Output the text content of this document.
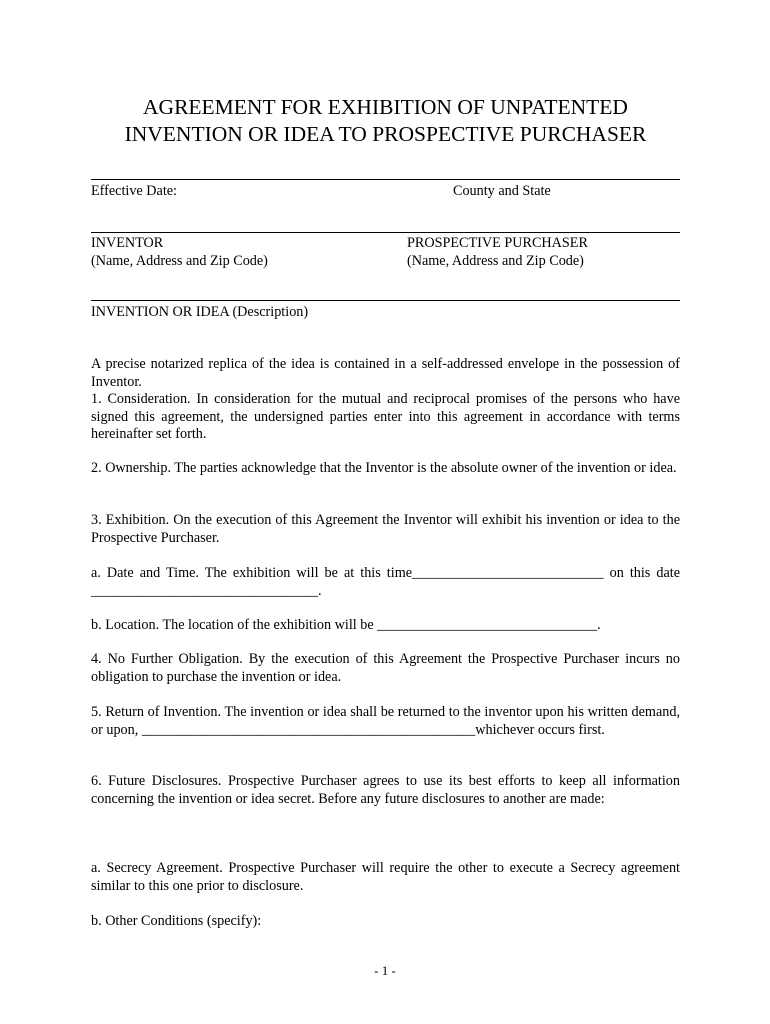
AGREEMENT FOR EXHIBITION OF UNPATENTED
INVENTION OR IDEA TO PROSPECTIVE PURCHASER
Effective Date:	County and State
INVENTOR
(Name, Address and Zip Code)
PROSPECTIVE PURCHASER
(Name, Address and Zip Code)
INVENTION OR IDEA (Description)

A precise notarized replica of the idea is contained in a self-addressed envelope in the possession of Inventor.

1. Consideration. In consideration for the mutual and reciprocal promises of the persons who have signed this agreement, the undersigned parties enter into this agreement in accordance with terms hereinafter set forth.

2. Ownership. The parties acknowledge that the Inventor is the absolute owner of the invention or idea.
3. Exhibition. On the execution of this Agreement the Inventor will exhibit his invention or idea to the Prospective Purchaser.
a. Date and Time. The exhibition will be at this time___________________________ on this date ________________________________.
b. Location. The location of the exhibition will be _______________________________.
4. No Further Obligation. By the execution of this Agreement the Prospective Purchaser incurs no obligation to purchase the invention or idea.
5. Return of Invention. The invention or idea shall be returned to the inventor upon his written demand, or upon, _______________________________________________whichever occurs first.
6. Future Disclosures. Prospective Purchaser agrees to use its best efforts to keep all information concerning the invention or idea secret. Before any future disclosures to another are made:
a. Secrecy Agreement. Prospective Purchaser will require the other to execute a Secrecy agreement similar to this one prior to disclosure.
b. Other Conditions (specify):
- 1 -
